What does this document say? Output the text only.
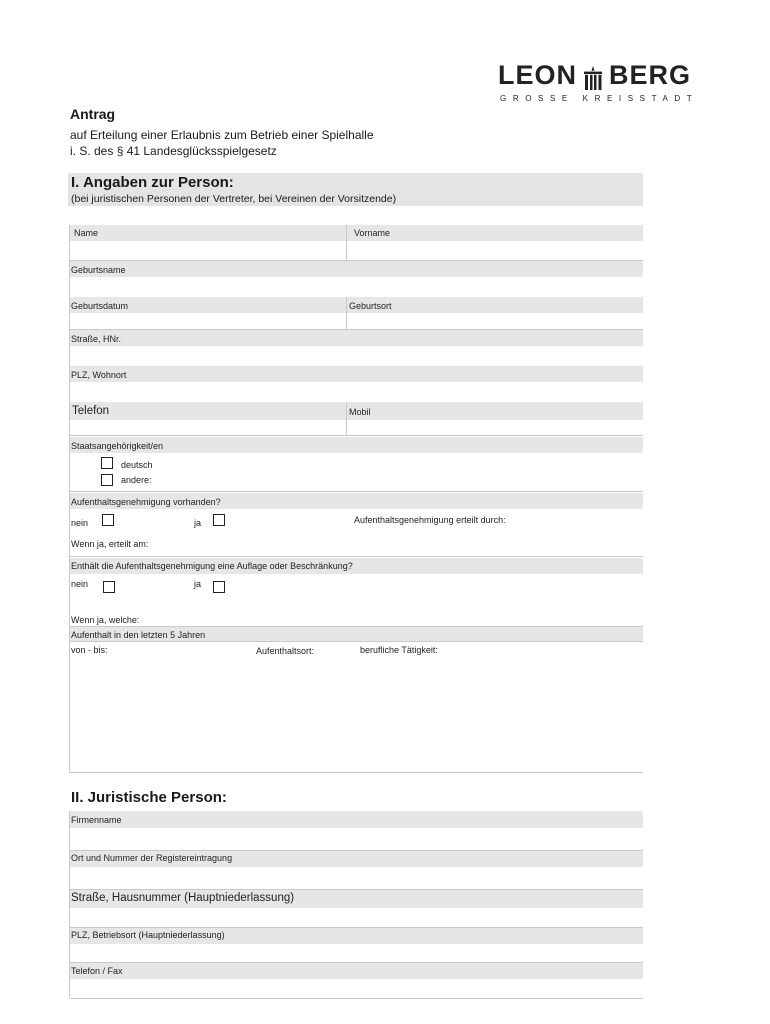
LEON BERG
GROSSE KREISSTADT
Antrag
auf Erteilung einer Erlaubnis zum Betrieb einer Spielhalle
i. S. des § 41 Landesglücksspielgesetz
I. Angaben zur Person:
(bei juristischen Personen der Vertreter, bei Vereinen der Vorsitzende)
Name	Vorname
Geburtsname
Geburtsdatum	Geburtsort
Straße, HNr.
PLZ, Wohnort
Telefon	Mobil
Staatsangehörigkeit/en
deutsch
andere:
Aufenthaltsgenehmigung vorhanden?
nein	ja	Aufenthaltsgenehmigung erteilt durch:
Wenn ja, erteilt am:
Enthält die Aufenthaltsgenehmigung eine Auflage oder Beschränkung?
nein	ja
Wenn ja, welche:
Aufenthalt in den letzten 5 Jahren
von - bis:	Aufenthaltsort:	berufliche Tätigkeit:
II. Juristische Person:
Firmenname
Ort und Nummer der Registereintragung
Straße, Hausnummer (Hauptniederlassung)
PLZ, Betriebsort (Hauptniederlassung)
Telefon / Fax
